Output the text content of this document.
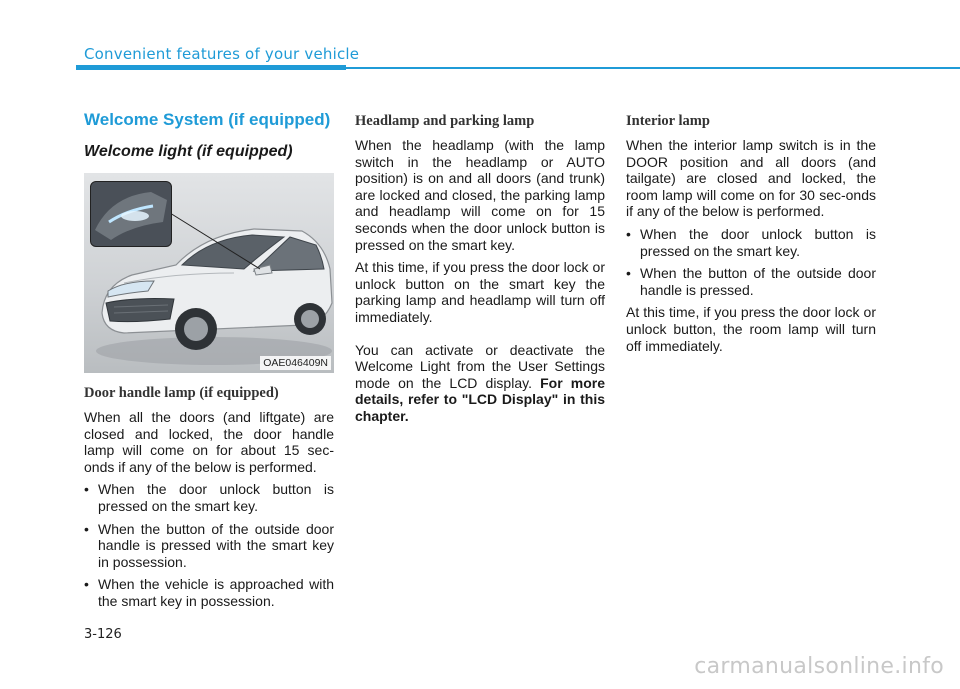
Convenient features of your vehicle
Welcome System (if equipped)
Welcome light (if equipped)
OAE046409N
Door handle lamp (if equipped)

When all the doors (and liftgate) are closed and locked, the door handle lamp will come on for about 15 sec-onds if any of the below is performed.

• When the door unlock button is pressed on the smart key.
• When the button of the outside door handle is pressed with the smart key in possession.
• When the vehicle is approached with the smart key in possession.
Headlamp and parking lamp

When the headlamp (with the lamp switch in the headlamp or AUTO position) is on and all doors (and trunk) are locked and closed, the parking lamp and headlamp will come on for 15 seconds when the door unlock button is pressed on the smart key.

At this time, if you press the door lock or unlock button on the smart key the parking lamp and headlamp will turn off immediately.

You can activate or deactivate the Welcome Light from the User Settings mode on the LCD display. For more details, refer to "LCD Display" in this chapter.

Interior lamp

When the interior lamp switch is in the DOOR position and all doors (and tailgate) are closed and locked, the room lamp will come on for 30 sec-onds if any of the below is performed.

• When the door unlock button is pressed on the smart key.
• When the button of the outside door handle is pressed.

At this time, if you press the door lock or unlock button, the room lamp will turn off immediately.

3-126
carmanualsonline.info
